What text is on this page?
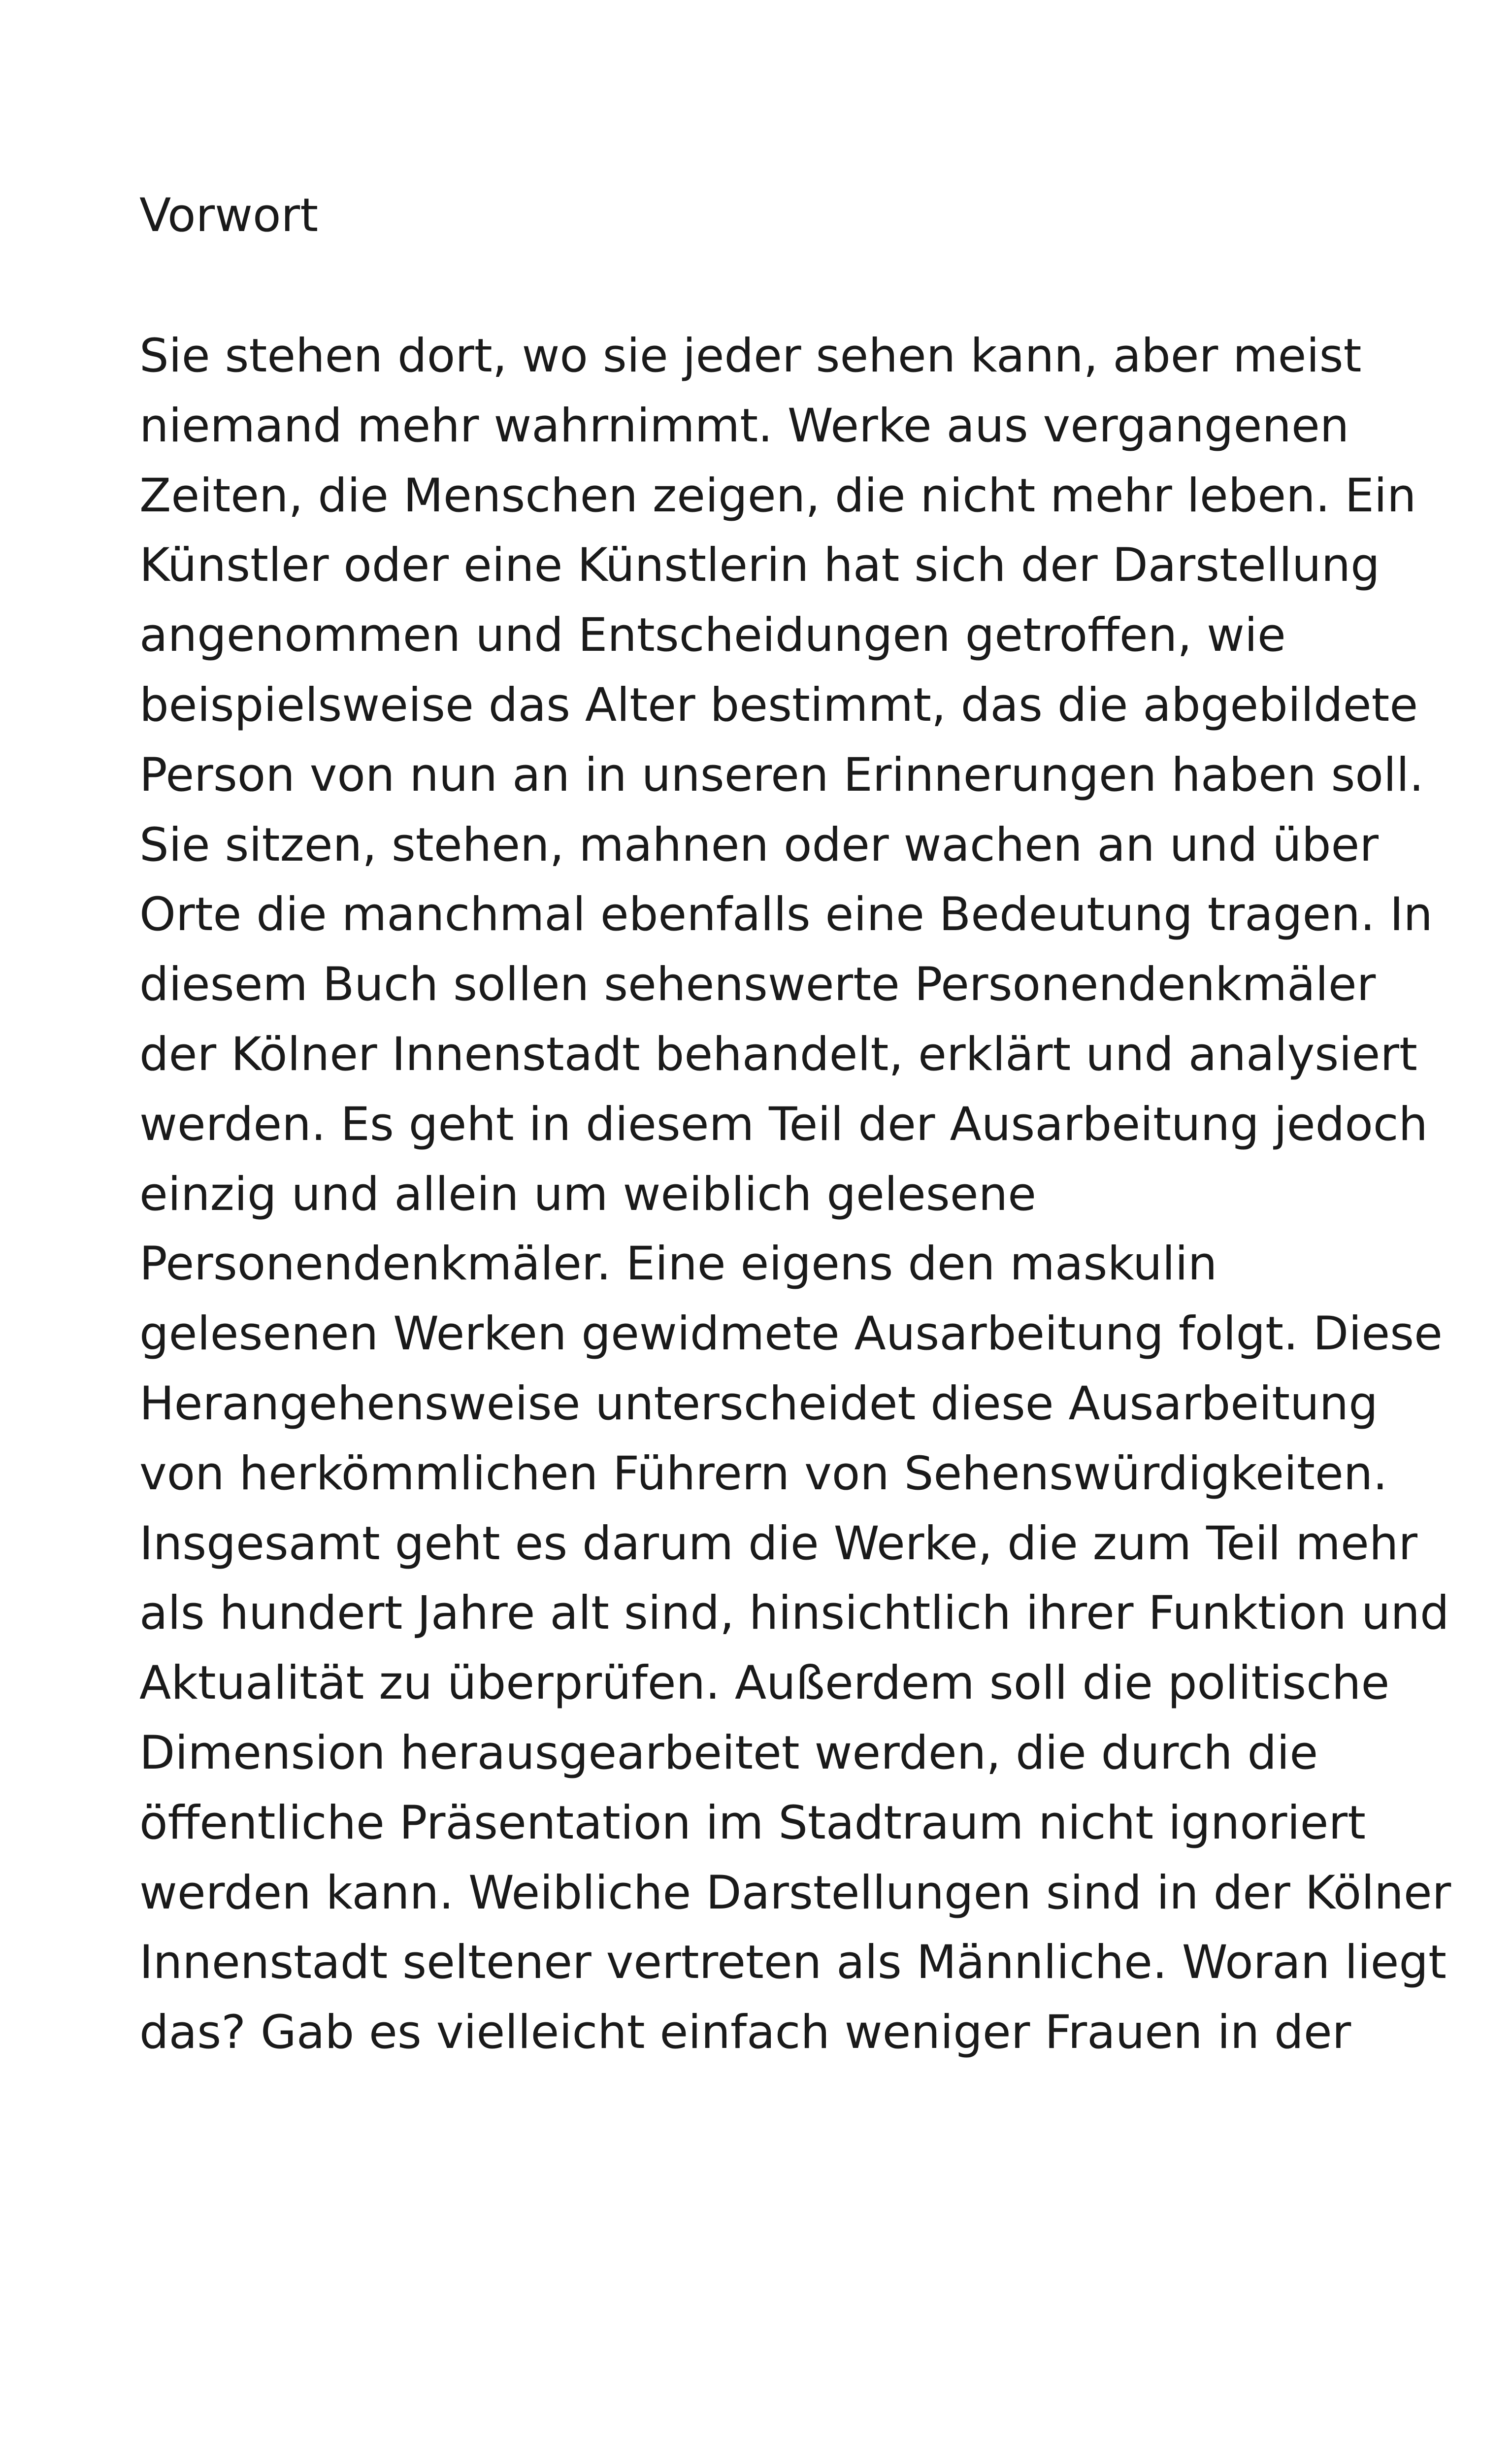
Vorwort
Sie stehen dort, wo sie jeder sehen kann, aber meist
niemand mehr wahrnimmt. Werke aus vergangenen
Zeiten, die Menschen zeigen, die nicht mehr leben. Ein
Künstler oder eine Künstlerin hat sich der Darstellung
angenommen und Entscheidungen getroffen, wie
beispielsweise das Alter bestimmt, das die abgebildete
Person von nun an in unseren Erinnerungen haben soll.
Sie sitzen, stehen, mahnen oder wachen an und über
Orte die manchmal ebenfalls eine Bedeutung tragen. In
diesem Buch sollen sehenswerte Personendenkmäler
der Kölner Innenstadt behandelt, erklärt und analysiert
werden. Es geht in diesem Teil der Ausarbeitung jedoch
einzig und allein um weiblich gelesene
Personendenkmäler. Eine eigens den maskulin
gelesenen Werken gewidmete Ausarbeitung folgt. Diese
Herangehensweise unterscheidet diese Ausarbeitung
von herkömmlichen Führern von Sehenswürdigkeiten.
Insgesamt geht es darum die Werke, die zum Teil mehr
als hundert Jahre alt sind, hinsichtlich ihrer Funktion und
Aktualität zu überprüfen. Außerdem soll die politische
Dimension herausgearbeitet werden, die durch die
öffentliche Präsentation im Stadtraum nicht ignoriert
werden kann. Weibliche Darstellungen sind in der Kölner
Innenstadt seltener vertreten als Männliche. Woran liegt
das? Gab es vielleicht einfach weniger Frauen in der
